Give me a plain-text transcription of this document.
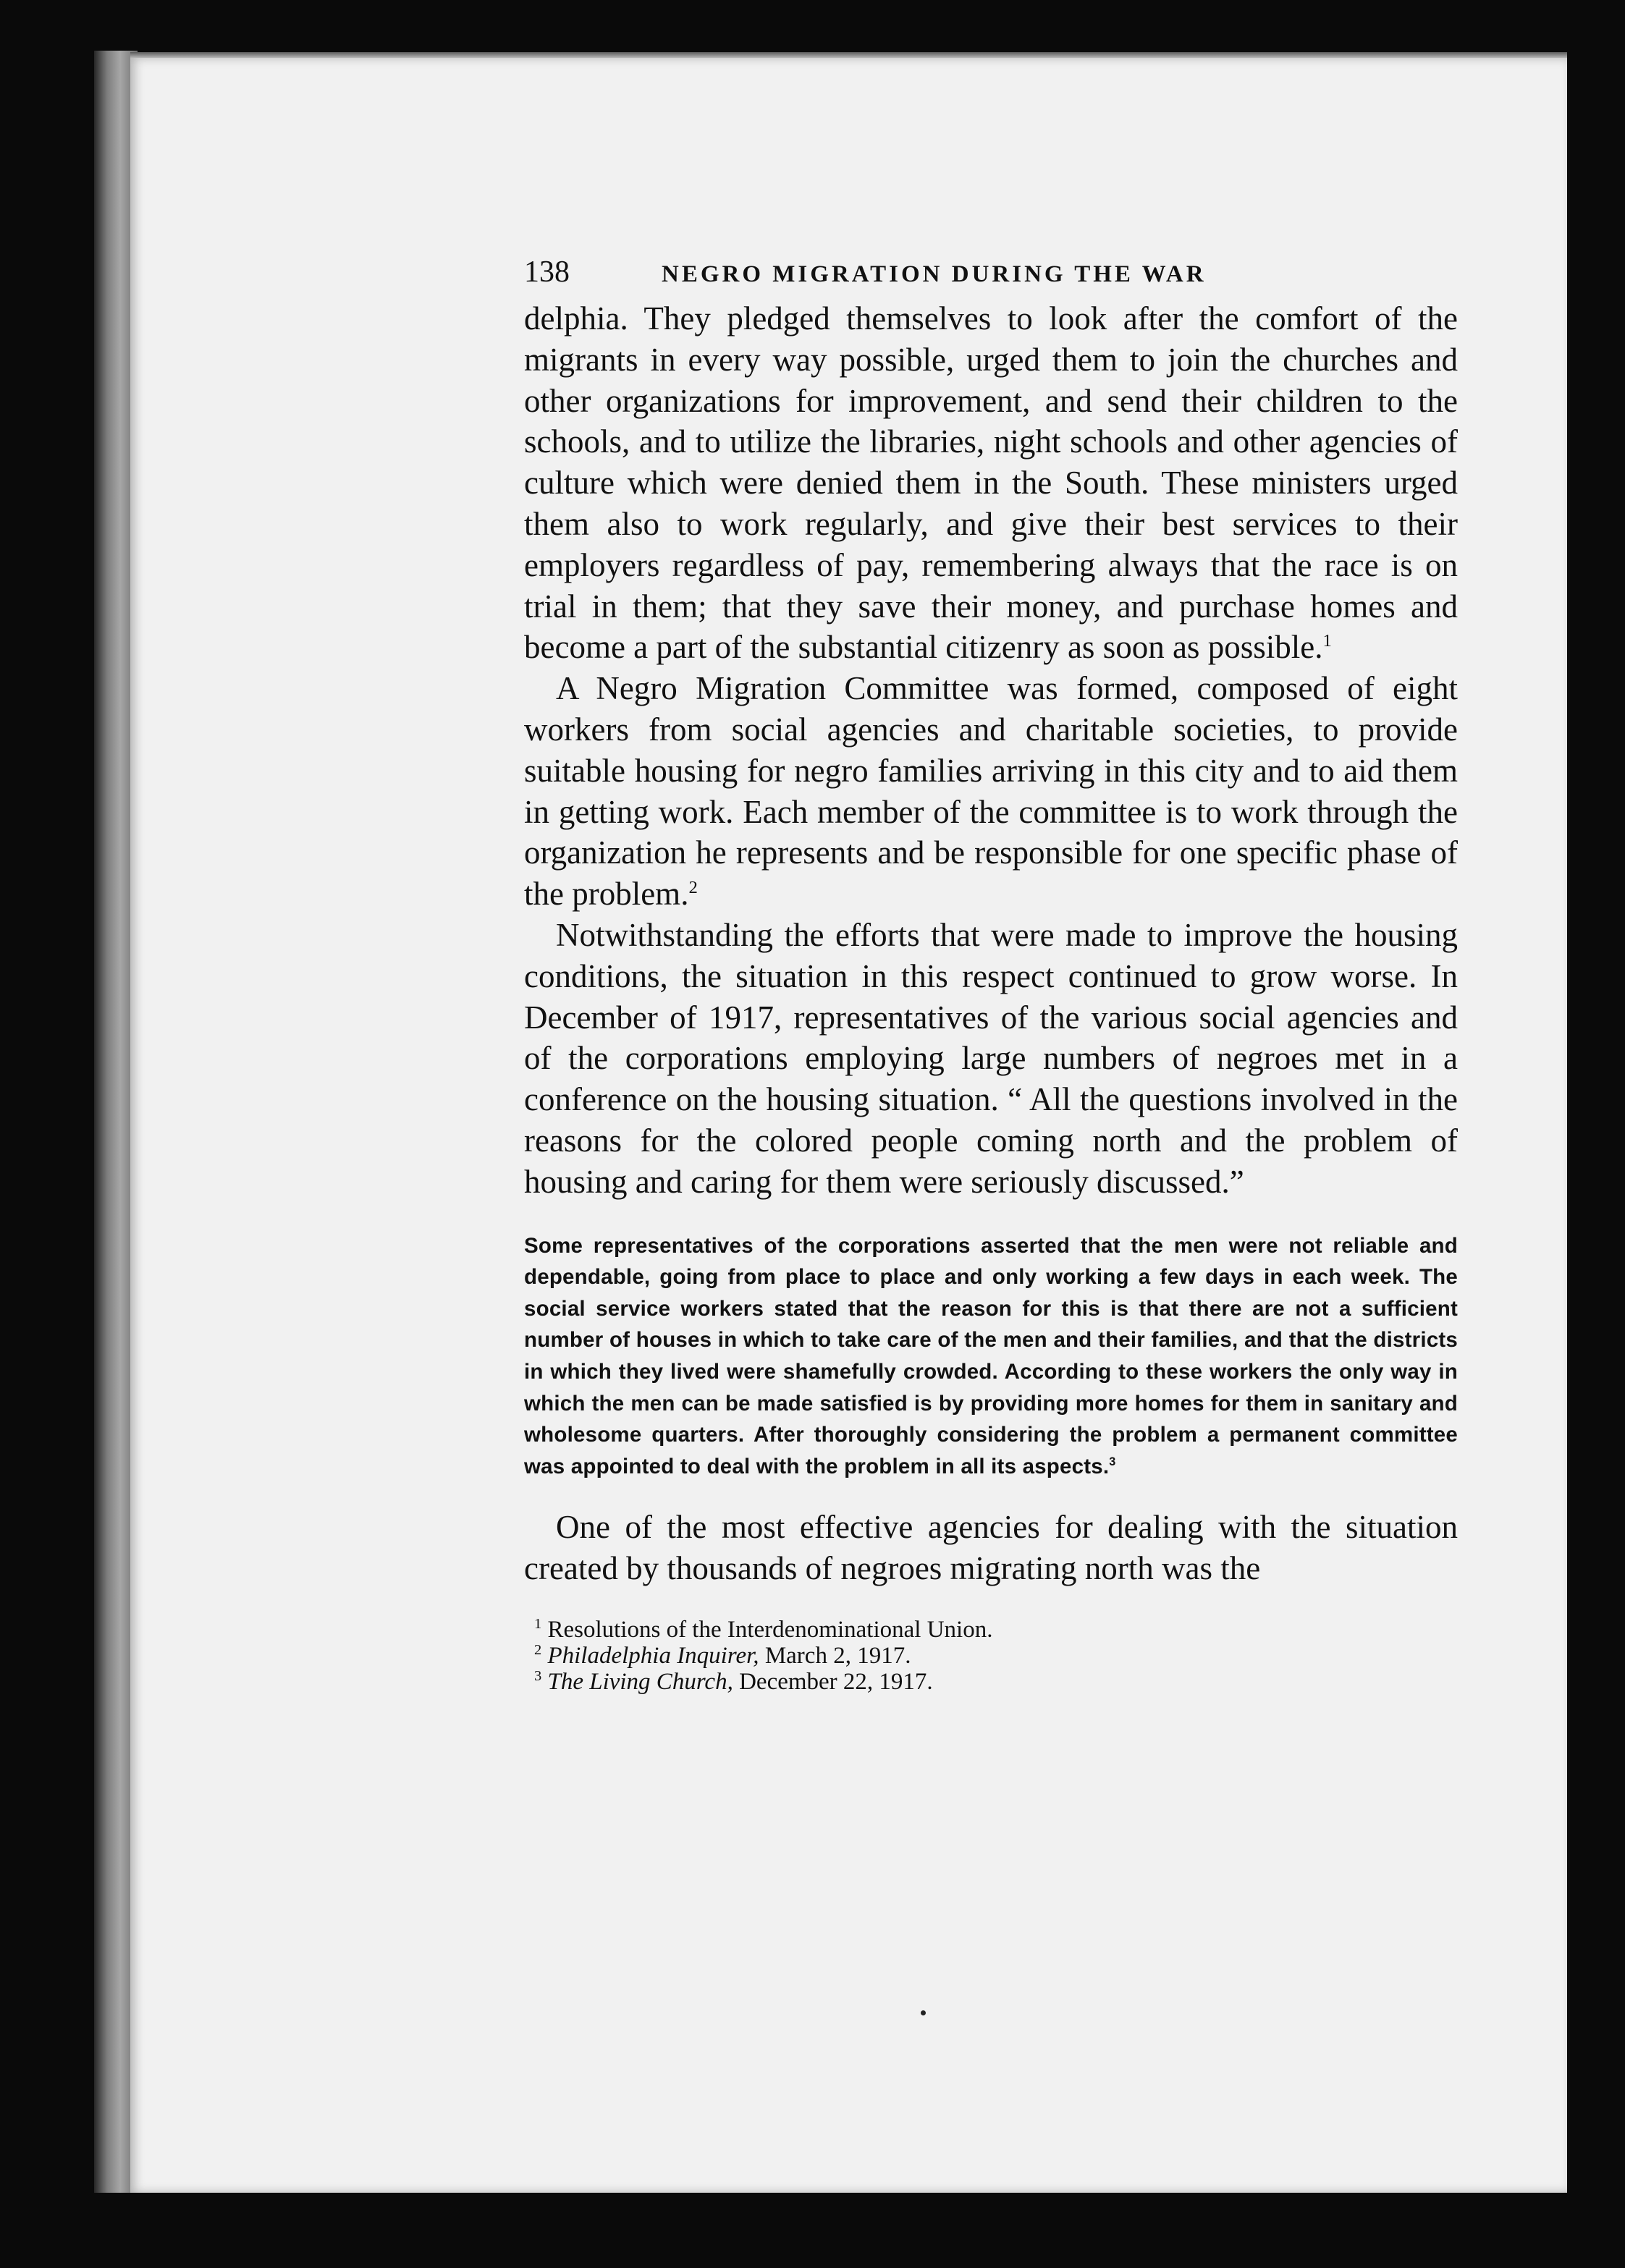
138	NEGRO MIGRATION DURING THE WAR

delphia. They pledged themselves to look after the comfort of the migrants in every way possible, urged them to join the churches and other organizations for improvement, and send their children to the schools, and to utilize the libraries, night schools and other agencies of culture which were denied them in the South. These ministers urged them also to work regularly, and give their best services to their employers regardless of pay, remembering always that the race is on trial in them; that they save their money, and purchase homes and become a part of the substantial citizenry as soon as possible.$^1$

A Negro Migration Committee was formed, composed of eight workers from social agencies and charitable societies, to provide suitable housing for negro families arriving in this city and to aid them in getting work. Each member of the committee is to work through the organization he represents and be responsible for one specific phase of the problem.$^2$

Notwithstanding the efforts that were made to improve the housing conditions, the situation in this respect continued to grow worse. In December of 1917, representatives of the various social agencies and of the corporations employing large numbers of negroes met in a conference on the housing situation. “ All the questions involved in the reasons for the colored people coming north and the problem of housing and caring for them were seriously discussed.”

Some representatives of the corporations asserted that the men were not reliable and dependable, going from place to place and only working a few days in each week. The social service workers stated that the reason for this is that there are not a sufficient number of houses in which to take care of the men and their families, and that the districts in which they lived were shamefully crowded. According to these workers the only way in which the men can be made satisfied is by providing more homes for them in sanitary and wholesome quarters. After thoroughly considering the problem a permanent committee was appointed to deal with the problem in all its aspects.$^3$

One of the most effective agencies for dealing with the situation created by thousands of negroes migrating north was the

$^1$ Resolutions of the Interdenominational Union.

$^2$ Philadelphia Inquirer, March 2, 1917.

$^3$ The Living Church, December 22, 1917.
